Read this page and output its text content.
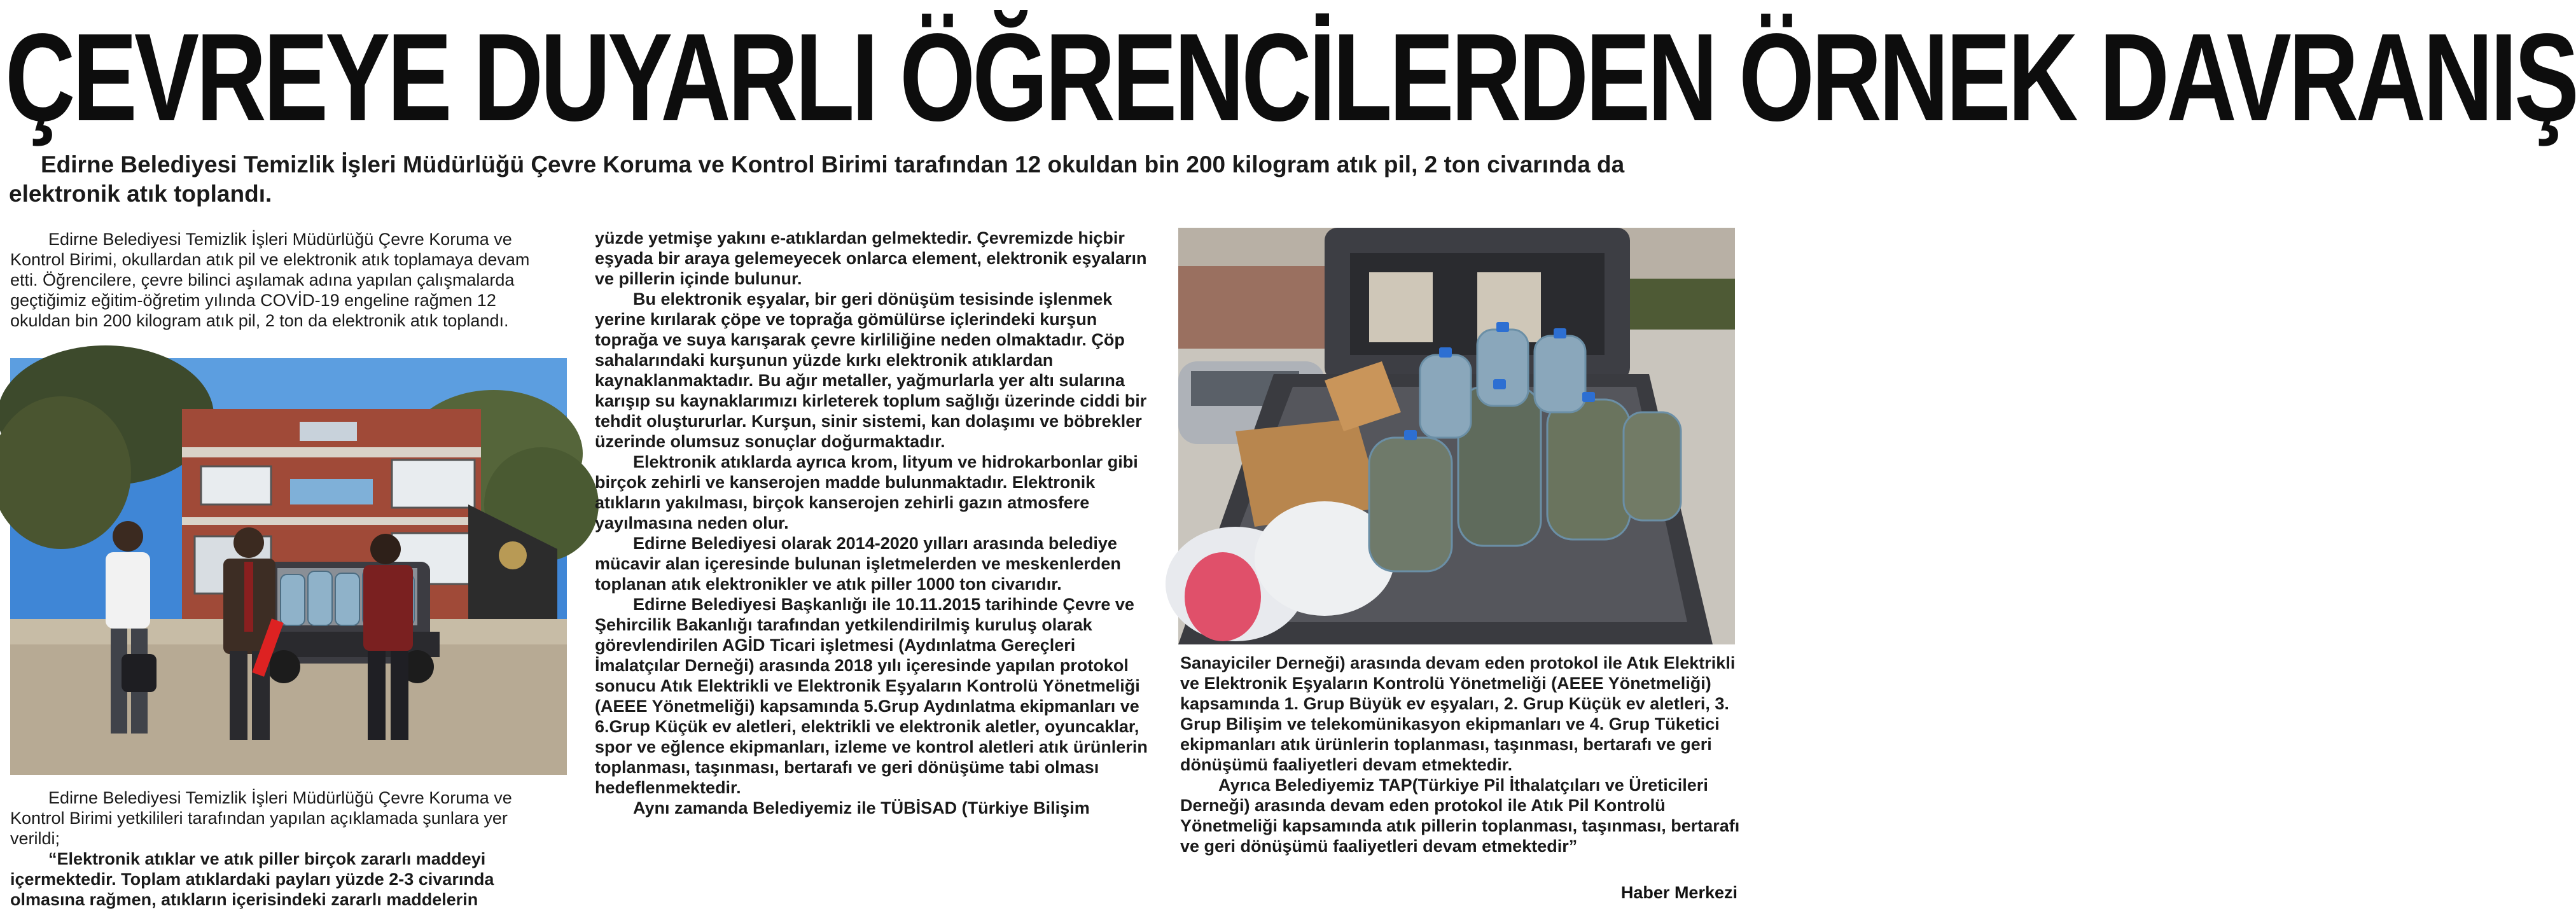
ÇEVREYE DUYARLI ÖĞRENCİLERDEN ÖRNEK DAVRANIŞ
Edirne Belediyesi Temizlik İşleri Müdürlüğü Çevre Koruma ve Kontrol Birimi tarafından 12 okuldan bin 200 kilogram atık pil, 2 ton civarında da elektronik atık toplandı.

Edirne Belediyesi Temizlik İşleri Müdürlüğü Çevre Koruma ve Kontrol Birimi, okullardan atık pil ve elektronik atık toplamaya devam etti. Öğrencilere, çevre bilinci aşılamak adına yapılan çalışmalarda geçtiğimiz eğitim-öğretim yılında COVİD-19 engeline rağmen 12 okuldan bin 200 kilogram atık pil, 2 ton da elektronik atık toplandı.

Edirne Belediyesi Temizlik İşleri Müdürlüğü Çevre Koruma ve Kontrol Birimi yetkilileri tarafından yapılan açıklamada şunlara yer verildi;

“Elektronik atıklar ve atık piller birçok zararlı maddeyi içermektedir. Toplam atıklardaki payları yüzde 2-3 civarında olmasına rağmen, atıkların içerisindeki zararlı maddelerin

yüzde yetmişe yakını e-atıklardan gelmektedir. Çevremizde hiçbir eşyada bir araya gelemeyecek onlarca element, elektronik eşyaların ve pillerin içinde bulunur.

Bu elektronik eşyalar, bir geri dönüşüm tesisinde işlenmek yerine kırılarak çöpe ve toprağa gömülürse içlerindeki kurşun toprağa ve suya karışarak çevre kirliliğine neden olmaktadır. Çöp sahalarındaki kurşunun yüzde kırkı elektronik atıklardan kaynaklanmaktadır. Bu ağır metaller, yağmurlarla yer altı sularına karışıp su kaynaklarımızı kirleterek toplum sağlığı üzerinde ciddi bir tehdit oluştururlar. Kurşun, sinir sistemi, kan dolaşımı ve böbrekler üzerinde olumsuz sonuçlar doğurmaktadır.

Elektronik atıklarda ayrıca krom, lityum ve hidrokarbonlar gibi birçok zehirli ve kanserojen madde bulunmaktadır. Elektronik atıkların yakılması, birçok kanserojen zehirli gazın atmosfere yayılmasına neden olur.

Edirne Belediyesi olarak 2014-2020 yılları arasında belediye mücavir alan içeresinde bulunan işletmelerden ve meskenlerden toplanan atık elektronikler ve atık piller 1000 ton civarıdır.

Edirne Belediyesi Başkanlığı ile 10.11.2015 tarihinde Çevre ve Şehircilik Bakanlığı tarafından yetkilendirilmiş kuruluş olarak görevlendirilen AGİD Ticari işletmesi (Aydınlatma Gereçleri İmalatçılar Derneği) arasında 2018 yılı içeresinde yapılan protokol sonucu Atık Elektrikli ve Elektronik Eşyaların Kontrolü Yönetmeliği (AEEE Yönetmeliği) kapsamında 5.Grup Aydınlatma ekipmanları ve 6.Grup Küçük ev aletleri, elektrikli ve elektronik aletler, oyuncaklar, spor ve eğlence ekipmanları, izleme ve kontrol aletleri atık ürünlerin toplanması, taşınması, bertarafı ve geri dönüşüme tabi olması hedeflenmektedir.

Aynı zamanda Belediyemiz ile TÜBİSAD (Türkiye Bilişim

Sanayiciler Derneği) arasında devam eden protokol ile Atık Elektrikli ve Elektronik Eşyaların Kontrolü Yönetmeliği (AEEE Yönetmeliği) kapsamında 1. Grup Büyük ev eşyaları, 2. Grup Küçük ev aletleri, 3. Grup Bilişim ve telekomünikasyon ekipmanları ve 4. Grup Tüketici ekipmanları atık ürünlerin toplanması, taşınması, bertarafı ve geri dönüşümü faaliyetleri devam etmektedir.

Ayrıca Belediyemiz TAP(Türkiye Pil İthalatçıları ve Üreticileri Derneği) arasında devam eden protokol ile Atık Pil Kontrolü Yönetmeliği kapsamında atık pillerin toplanması, taşınması, bertarafı ve geri dönüşümü faaliyetleri devam etmektedir”

Haber Merkezi
